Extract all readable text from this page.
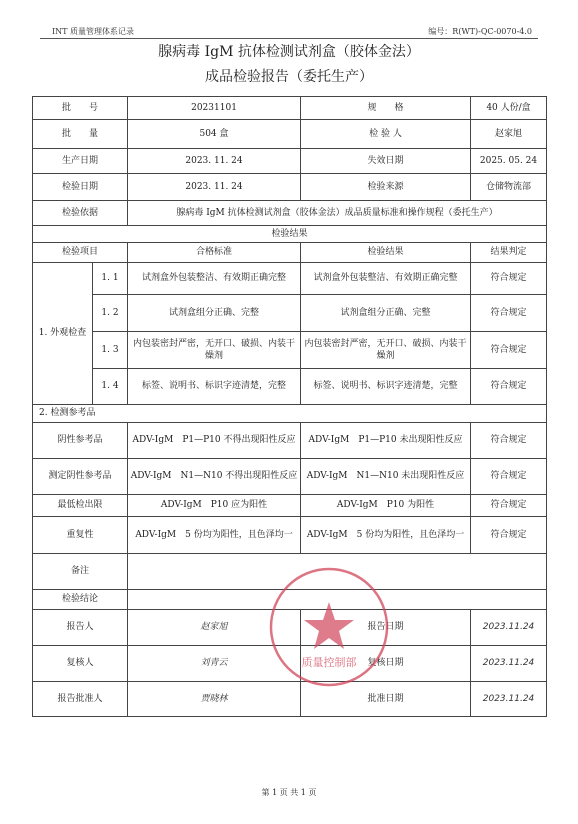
INT 质量管理体系记录	编号：R(WT)-QC-0070-4.0
腺病毒 IgM 抗体检测试剂盒（胶体金法）
成品检验报告（委托生产）
批　　号		20231101	规　　格	40 人份/盒
批　　量		504 盒	检 验 人	赵家旭
生产日期		2023. 11. 24	失效日期	2025. 05. 24
检验日期		2023. 11. 24	检验来源	仓储物流部
检验依据		腺病毒 IgM 抗体检测试剂盒（胶体金法）成品质量标准和操作规程（委托生产）		
检验结果				
检验项目		合格标准	检验结果	结果判定
1. 外观检查	1. 1	试剂盒外包装整洁、有效期正确完整	试剂盒外包装整洁、有效期正确完整	符合规定
	1. 2	试剂盒组分正确、完整	试剂盒组分正确、完整	符合规定
	1. 3	内包装密封严密，无开口、破损、内装干燥剂	内包装密封严密，无开口、破损、内装干燥剂	符合规定
	1. 4	标签、说明书、标识字迹清楚，完整	标签、说明书、标识字迹清楚，完整	符合规定
2. 检测参考品				
阴性参考品		ADV-IgM　P1—P10 不得出现阳性反应	ADV-IgM　P1—P10 未出现阳性反应	符合规定
测定阴性参考品		ADV-IgM　N1—N10 不得出现阳性反应	ADV-IgM　N1—N10 未出现阳性反应	符合规定
最低检出限		ADV-IgM　P10 应为阳性	ADV-IgM　P10 为阳性	符合规定
重复性		ADV-IgM　5 份均为阳性，且色泽均一	ADV-IgM　5 份均为阳性，且色泽均一	符合规定
备注				
检验结论				
报告人		赵家旭	报告日期	2023.11.24
复核人		刘青云	复核日期	2023.11.24
报告批准人		贾晓林	批准日期	2023.11.24
质量控制部
第 1 页 共 1 页
